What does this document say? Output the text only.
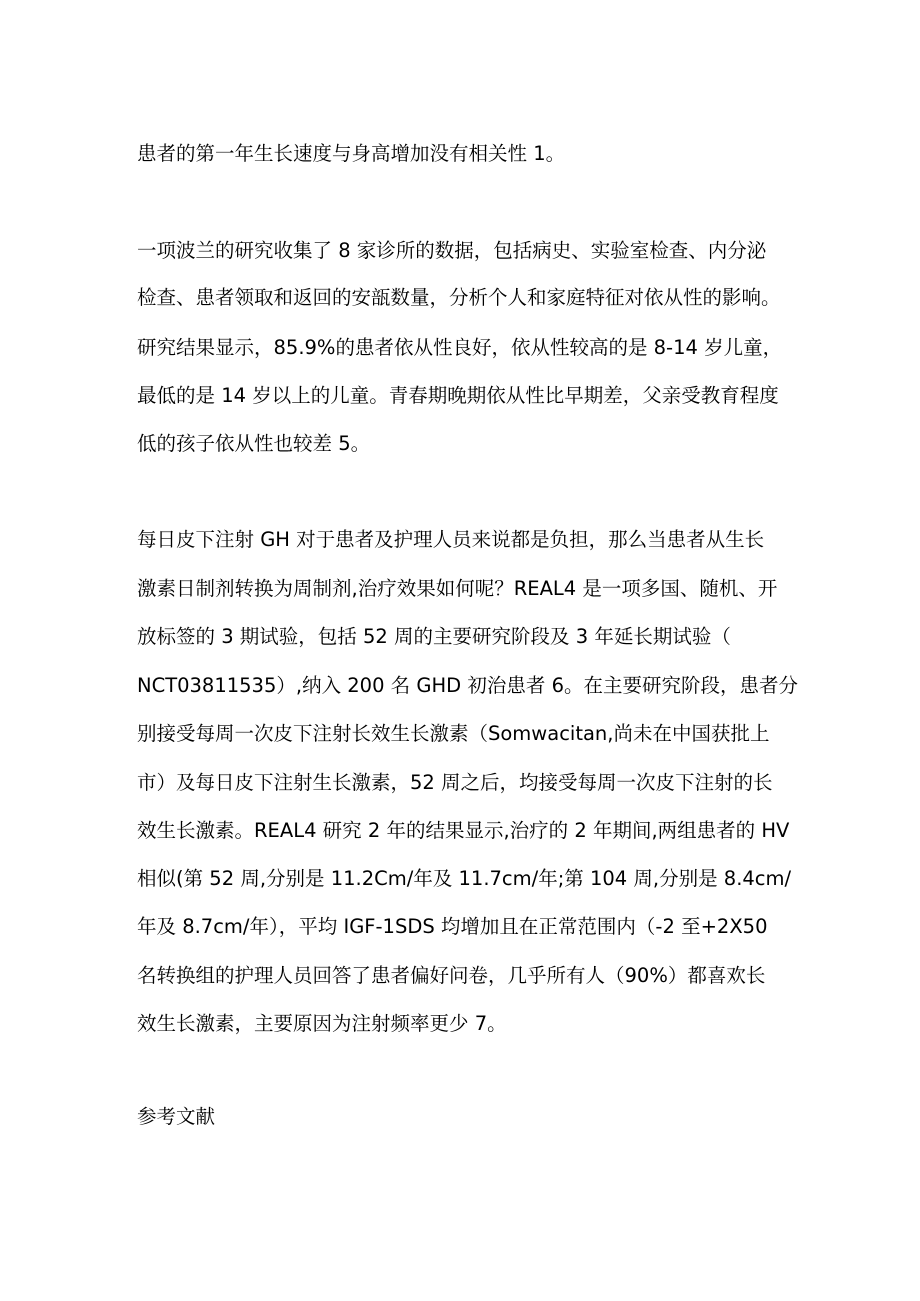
患者的第一年生长速度与身高增加没有相关性 1。

一项波兰的研究收集了 8 家诊所的数据，包括病史、实验室检查、内分泌

检查、患者领取和返回的安瓿数量，分析个人和家庭特征对依从性的影响。

研究结果显示，85.9%的患者依从性良好，依从性较高的是 8-14 岁儿童，

最低的是 14 岁以上的儿童。青春期晚期依从性比早期差，父亲受教育程度

低的孩子依从性也较差 5。

每日皮下注射 GH 对于患者及护理人员来说都是负担，那么当患者从生长

激素日制剂转换为周制剂,治疗效果如何呢？REAL4 是一项多国、随机、开

放标签的 3 期试验，包括 52 周的主要研究阶段及 3 年延长期试验（

NCT03811535）,纳入 200 名 GHD 初治患者 6。在主要研究阶段，患者分

别接受每周一次皮下注射长效生长激素（Somwacitan,尚未在中国获批上

市）及每日皮下注射生长激素，52 周之后，均接受每周一次皮下注射的长

效生长激素。REAL4 研究 2 年的结果显示,治疗的 2 年期间,两组患者的 HV

相似(第 52 周,分别是 11.2Cm/年及 11.7cm/年;第 104 周,分别是 8.4cm/

年及 8.7cm/年），平均 IGF-1SDS 均增加且在正常范围内（-2 至+2X50

名转换组的护理人员回答了患者偏好问卷，几乎所有人（90%）都喜欢长

效生长激素，主要原因为注射频率更少 7。

参考文献
